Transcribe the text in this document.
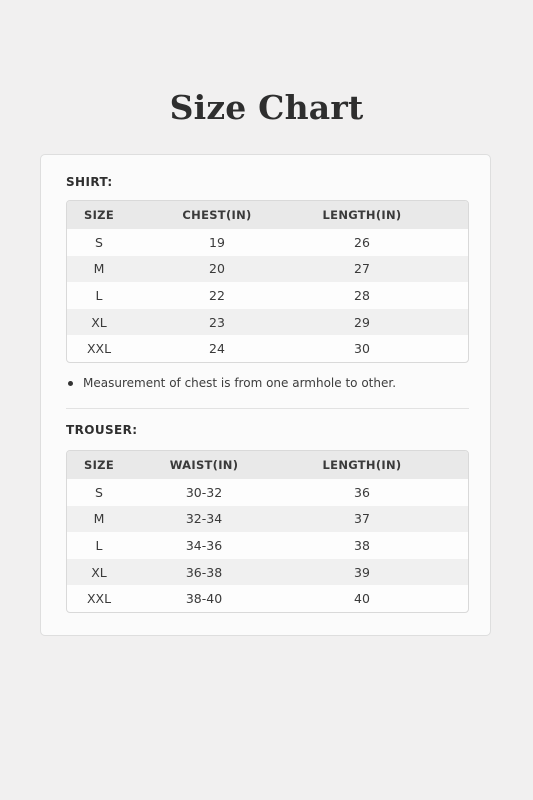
Size Chart
SHIRT:
SIZE	CHEST(IN)	LENGTH(IN)
S	19	26
M	20	27
L	22	28
XL	23	29
XXL	24	30
Measurement of chest is from one armhole to other.
TROUSER:
SIZE	WAIST(IN)	LENGTH(IN)
S	30-32	36
M	32-34	37
L	34-36	38
XL	36-38	39
XXL	38-40	40
